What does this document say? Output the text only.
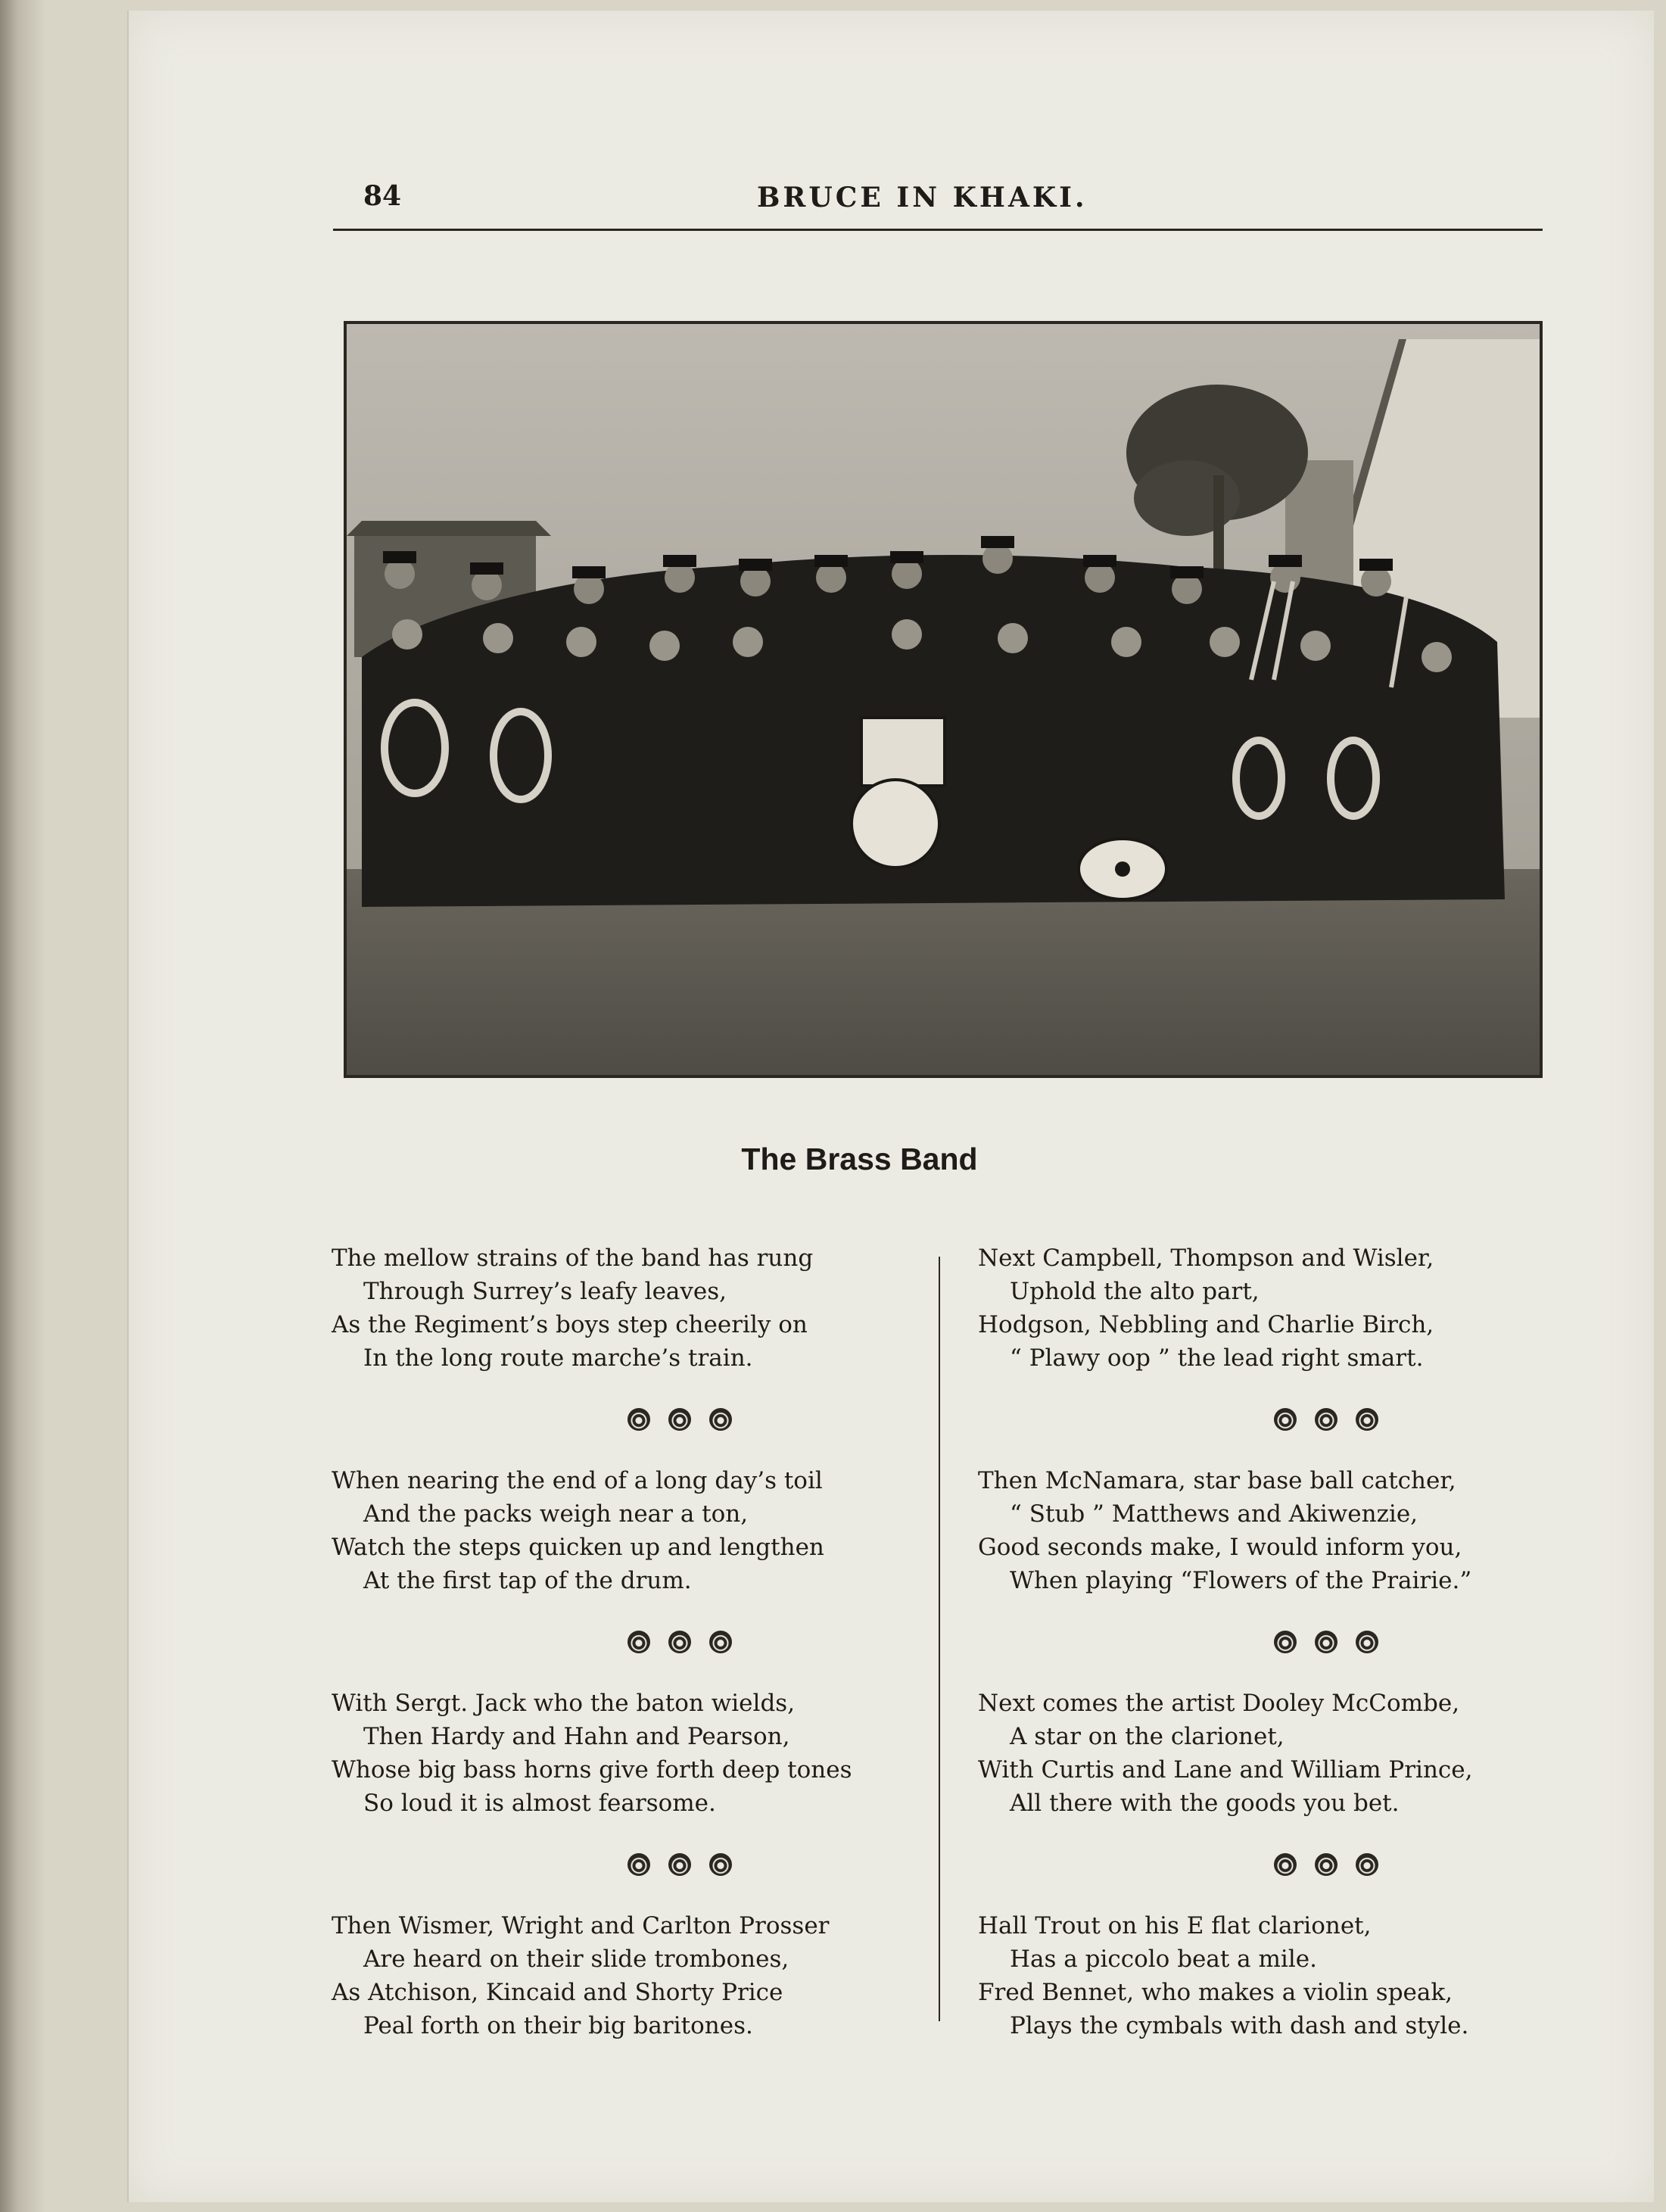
84	BRUCE IN KHAKI.
The Brass Band
The mellow strains of the band has rung
Through Surrey’s leafy leaves,
As the Regiment’s boys step cheerily on
In the long route marche’s train.
When nearing the end of a long day’s toil
And the packs weigh near a ton,
Watch the steps quicken up and lengthen
At the first tap of the drum.
With Sergt. Jack who the baton wields,
Then Hardy and Hahn and Pearson,
Whose big bass horns give forth deep tones
So loud it is almost fearsome.
Then Wismer, Wright and Carlton Prosser
Are heard on their slide trombones,
As Atchison, Kincaid and Shorty Price
Peal forth on their big baritones.
Next Campbell, Thompson and Wisler,
Uphold the alto part,
Hodgson, Nebbling and Charlie Birch,
“ Plawy oop ” the lead right smart.
Then McNamara, star base ball catcher,
“ Stub ” Matthews and Akiwenzie,
Good seconds make, I would inform you,
When playing “Flowers of the Prairie.”
Next comes the artist Dooley McCombe,
A star on the clarionet,
With Curtis and Lane and William Prince,
All there with the goods you bet.
Hall Trout on his E flat clarionet,
Has a piccolo beat a mile.
Fred Bennet, who makes a violin speak,
Plays the cymbals with dash and style.
